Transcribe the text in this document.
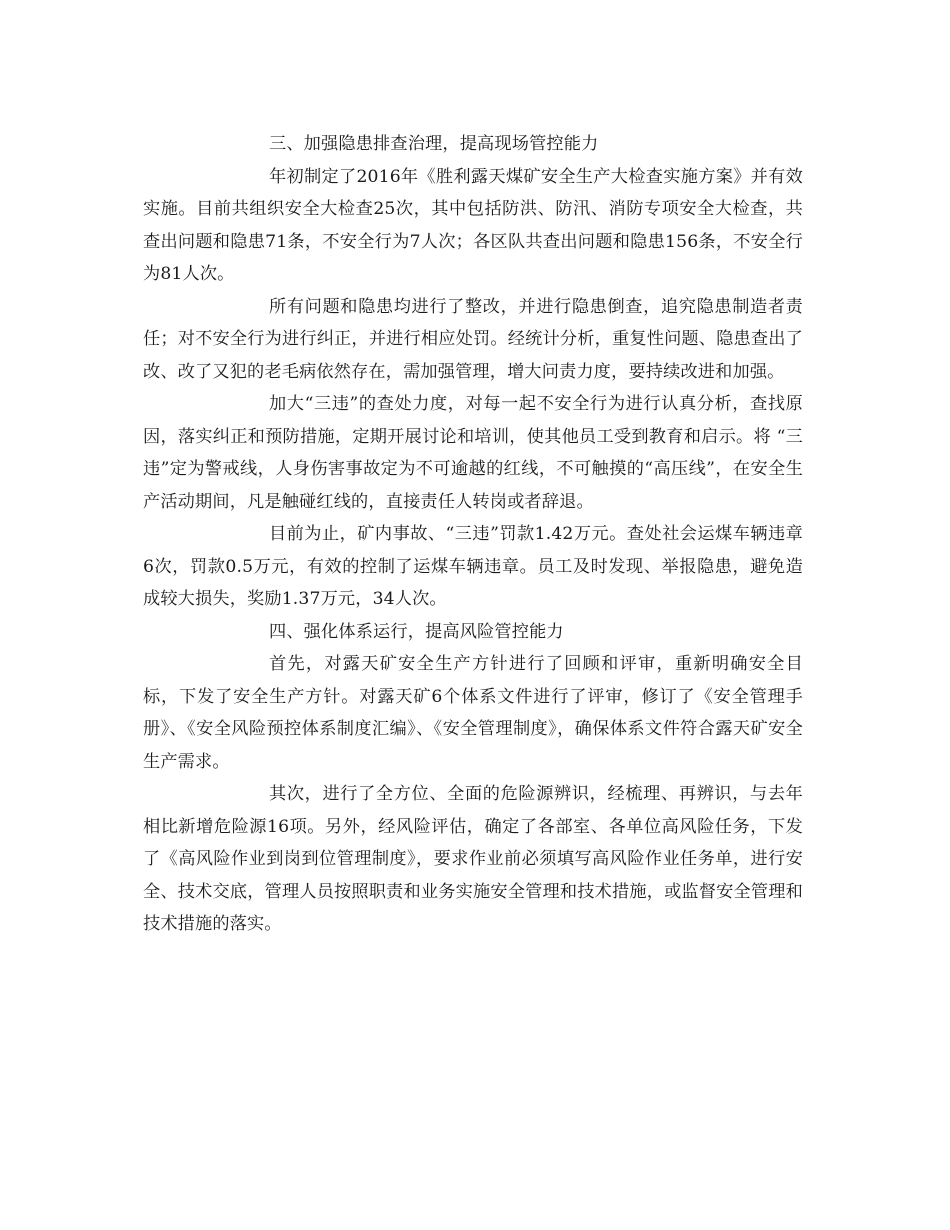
三、加强隐患排查治理，提高现场管控能力

年初制定了2016年《胜利露天煤矿安全生产大检查实施方案》并有效实施。目前共组织安全大检查25次，其中包括防洪、防汛、消防专项安全大检查，共查出问题和隐患71条，不安全行为7人次；各区队共查出问题和隐患156条，不安全行为81人次。

所有问题和隐患均进行了整改，并进行隐患倒查，追究隐患制造者责任；对不安全行为进行纠正，并进行相应处罚。经统计分析，重复性问题、隐患查出了改、改了又犯的老毛病依然存在，需加强管理，增大问责力度，要持续改进和加强。

加大“三违”的查处力度，对每一起不安全行为进行认真分析，查找原因，落实纠正和预防措施，定期开展讨论和培训，使其他员工受到教育和启示。将 “三违”定为警戒线，人身伤害事故定为不可逾越的红线，不可触摸的“高压线”，在安全生产活动期间，凡是触碰红线的，直接责任人转岗或者辞退。

目前为止，矿内事故、“三违”罚款1.42万元。查处社会运煤车辆违章6次，罚款0.5万元，有效的控制了运煤车辆违章。员工及时发现、举报隐患，避免造成较大损失，奖励1.37万元，34人次。

四、强化体系运行，提高风险管控能力

首先，对露天矿安全生产方针进行了回顾和评审，重新明确安全目标，下发了安全生产方针。对露天矿6个体系文件进行了评审，修订了《安全管理手册》、《安全风险预控体系制度汇编》、《安全管理制度》，确保体系文件符合露天矿安全生产需求。

其次，进行了全方位、全面的危险源辨识，经梳理、再辨识，与去年相比新增危险源16项。另外，经风险评估，确定了各部室、各单位高风险任务，下发了《高风险作业到岗到位管理制度》，要求作业前必须填写高风险作业任务单，进行安全、技术交底，管理人员按照职责和业务实施安全管理和技术措施，或监督安全管理和技术措施的落实。
